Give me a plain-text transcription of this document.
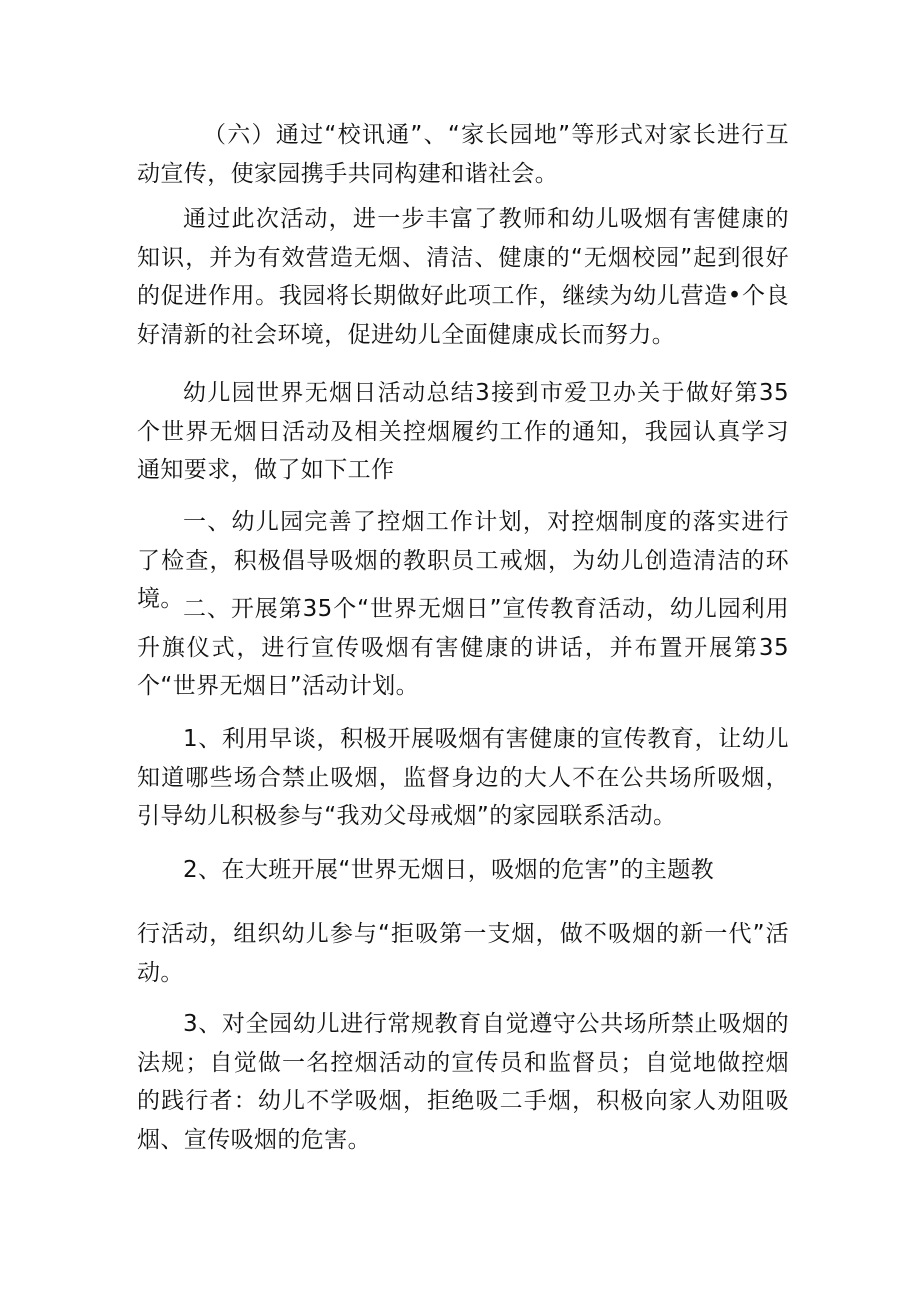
（六）通过“校讯通”、“家长园地”等形式对家长进行互动宣传，使家园携手共同构建和谐社会。

通过此次活动，进一步丰富了教师和幼儿吸烟有害健康的知识，并为有效营造无烟、清洁、健康的“无烟校园”起到很好的促进作用。我园将长期做好此项工作，继续为幼儿营造•个良好清新的社会环境，促进幼儿全面健康成长而努力。

幼儿园世界无烟日活动总结3接到市爱卫办关于做好第35个世界无烟日活动及相关控烟履约工作的通知，我园认真学习通知要求，做了如下工作

一、幼儿园完善了控烟工作计划，对控烟制度的落实进行了检查，积极倡导吸烟的教职员工戒烟，为幼儿创造清洁的环境。 二、开展第35个“世界无烟日”宣传教育活动，幼儿园利用升旗仪式，进行宣传吸烟有害健康的讲话，并布置开展第35个“世界无烟日”活动计划。

1、利用早谈，积极开展吸烟有害健康的宣传教育，让幼儿知道哪些场合禁止吸烟，监督身边的大人不在公共场所吸烟，引导幼儿积极参与“我劝父母戒烟”的家园联系活动。

2、在大班开展“世界无烟日，吸烟的危害”的主题教

行活动，组织幼儿参与“拒吸第一支烟，做不吸烟的新一代”活动。

3、对全园幼儿进行常规教育自觉遵守公共场所禁止吸烟的法规；自觉做一名控烟活动的宣传员和监督员；自觉地做控烟的践行者：幼儿不学吸烟，拒绝吸二手烟，积极向家人劝阻吸烟、宣传吸烟的危害。
